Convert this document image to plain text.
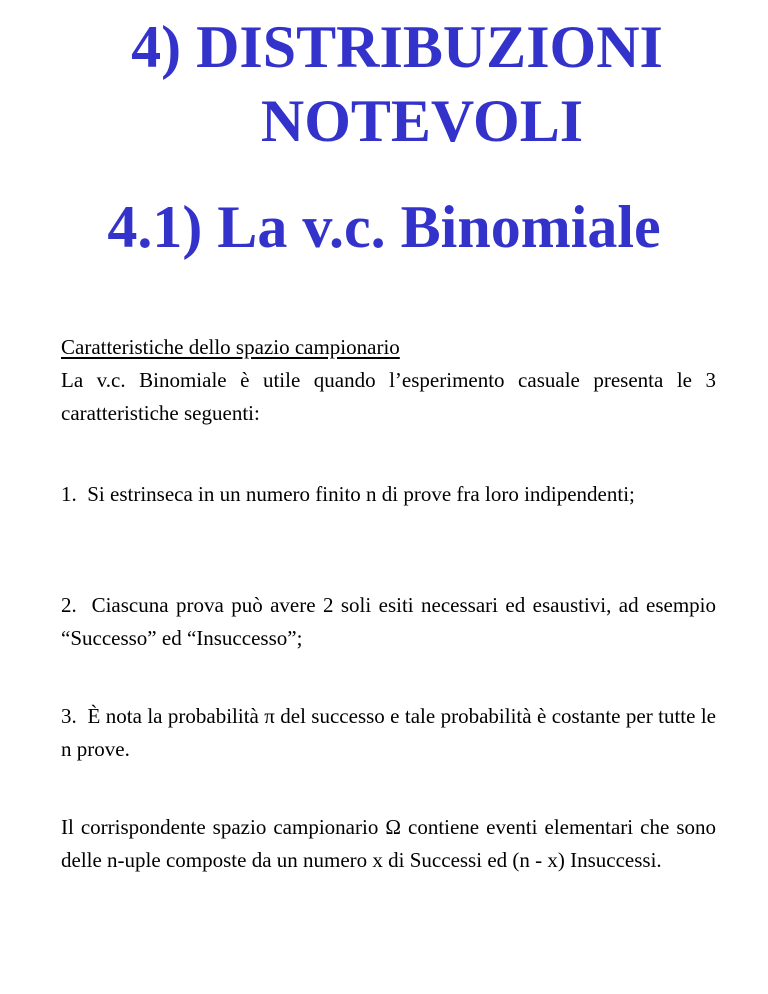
4) DISTRIBUZIONI
NOTEVOLI
4.1) La v.c. Binomiale

Caratteristiche dello spazio campionario

La v.c. Binomiale è utile quando l’esperimento casuale presenta le 3 caratteristiche seguenti:

1. Si estrinseca in un numero finito n di prove fra loro indipendenti;

2. Ciascuna prova può avere 2 soli esiti necessari ed esaustivi, ad esempio “Successo” ed “Insuccesso”;

3. È nota la probabilità π del successo e tale probabilità è costante per tutte le n prove.

Il corrispondente spazio campionario Ω contiene eventi elementari che sono delle n-uple composte da un numero x di Successi ed (n - x) Insuccessi.
